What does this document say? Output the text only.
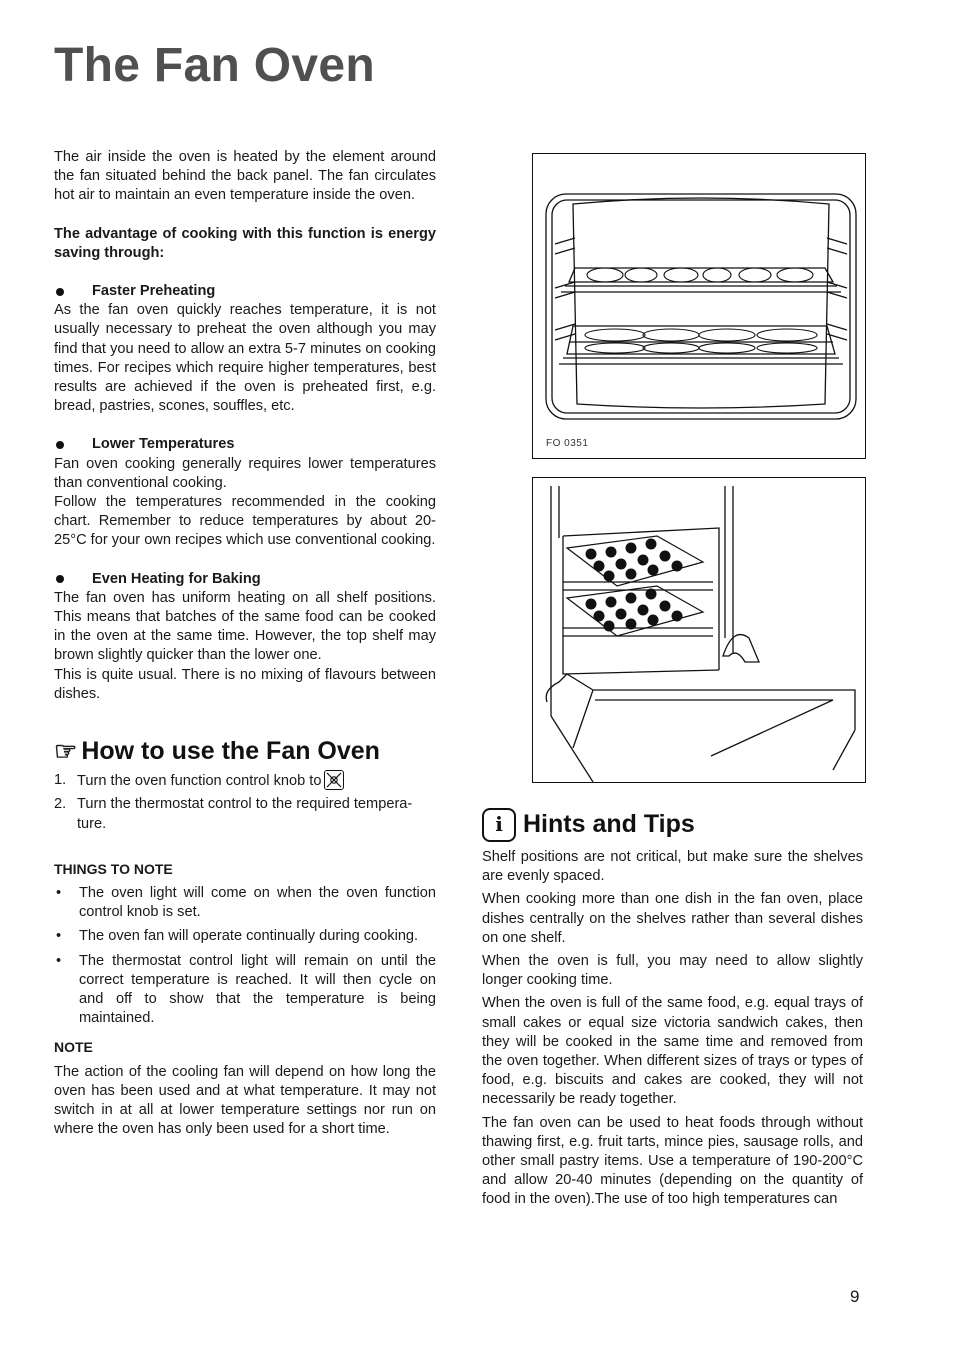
The Fan Oven

The air inside the oven is heated by the element around the fan situated behind the back panel. The fan circulates hot air to maintain an even temperature inside the oven.

The advantage of cooking with this function is energy saving through:

Faster Preheating

As the fan oven quickly reaches temperature, it is not usually necessary to preheat the oven although you may find that you need to allow an extra 5-7 minutes on cooking times. For recipes which require higher temperatures, best results are achieved if the oven is preheated first, e.g. bread, pastries, scones, souffles, etc.

Lower Temperatures

Fan oven cooking generally requires lower temperatures than conventional cooking.

Follow the temperatures recommended in the cooking chart. Remember to reduce temperatures by about 20-25°C for your own recipes which use conventional cooking.

Even Heating for Baking

The fan oven has uniform heating on all shelf positions. This means that batches of the same food can be cooked in the oven at the same time. However, the top shelf may brown slightly quicker than the lower one.

This is quite usual. There is no mixing of flavours between dishes.

☞ How to use the Fan Oven
1. Turn the oven function control knob to
2. Turn the thermostat control to the required tempera-ture.
THINGS TO NOTE
•	The oven light will come on when the oven function control knob is set.
•	The oven fan will operate continually during cooking.
•	The thermostat control light will remain on until the correct temperature is reached. It will then cycle on and off to show that the temperature is being maintained.
NOTE

The action of the cooling fan will depend on how long the oven has been used and at what temperature. It may not switch in at all at lower temperature settings nor run on where the oven has only been used for a short time.

FO 0351
i Hints and Tips

Shelf positions are not critical, but make sure the shelves are evenly spaced.

When cooking more than one dish in the fan oven, place dishes centrally on the shelves rather than several dishes on one shelf.

When the oven is full, you may need to allow slightly longer cooking time.

When the oven is full of the same food, e.g. equal trays of small cakes or equal size victoria sandwich cakes, then they will be cooked in the same time and removed from the oven together. When different sizes of trays or types of food, e.g. biscuits and cakes are cooked, they will not necessarily be ready together.

The fan oven can be used to heat foods through without thawing first, e.g. fruit tarts, mince pies, sausage rolls, and other small pastry items. Use a temperature of 190-200°C and allow 20-40 minutes (depending on the quantity of food in the oven).The use of too high temperatures can

9
